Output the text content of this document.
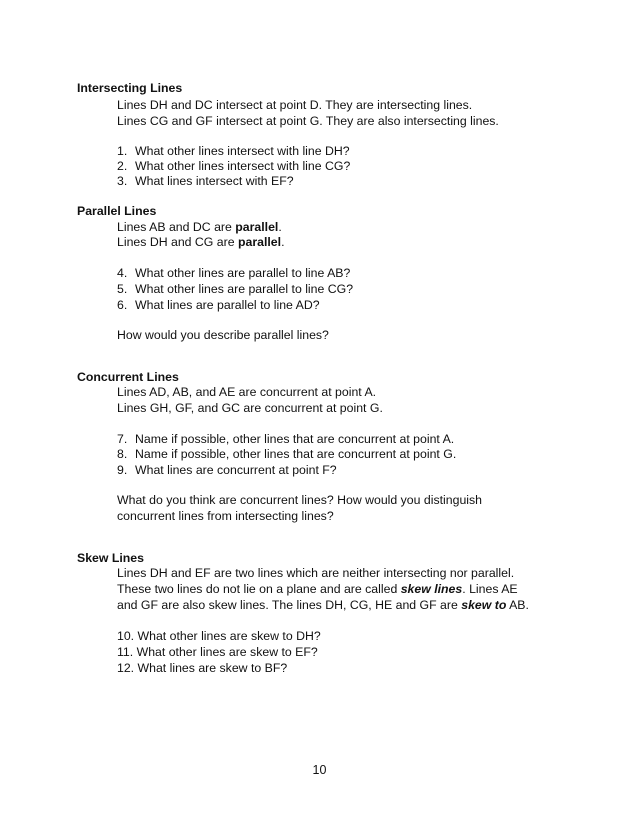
Intersecting Lines
Lines DH and DC intersect at point D. They are intersecting lines.
Lines CG and GF intersect at point G. They are also intersecting lines.
1. What other lines intersect with line DH?
2. What other lines intersect with line CG?
3. What lines intersect with EF?
Parallel Lines
Lines AB and DC are parallel.
Lines DH and CG are parallel.
4. What other lines are parallel to line AB?
5. What other lines are parallel to line CG?
6. What lines are parallel to line AD?
How would you describe parallel lines?
Concurrent Lines
Lines AD, AB, and AE are concurrent at point A.
Lines GH, GF, and GC are concurrent at point G.
7. Name if possible, other lines that are concurrent at point A.
8. Name if possible, other lines that are concurrent at point G.
9. What lines are concurrent at point F?
What do you think are concurrent lines? How would you distinguish
concurrent lines from intersecting lines?
Skew Lines
Lines DH and EF are two lines which are neither intersecting nor parallel.
These two lines do not lie on a plane and are called skew lines. Lines AE
and GF are also skew lines. The lines DH, CG, HE and GF are skew to AB.
10. What other lines are skew to DH?
11. What other lines are skew to EF?
12. What lines are skew to BF?
10
